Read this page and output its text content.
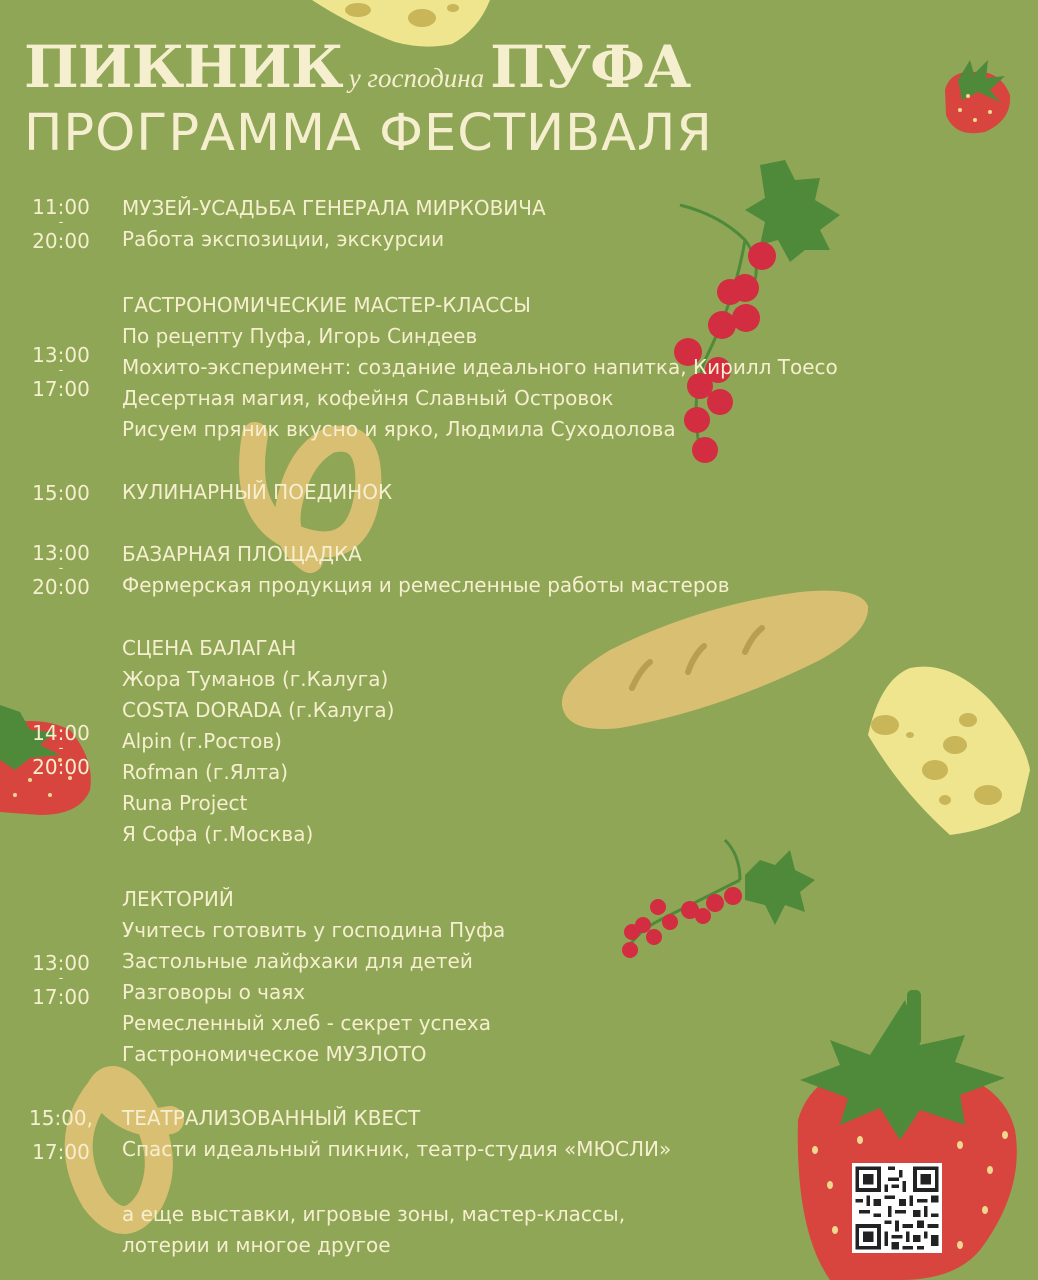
ПИКНИК у господина ПУФА
ПРОГРАММА ФЕСТИВАЛЯ
11:00
-
20:00
МУЗЕЙ-УСАДЬБА ГЕНЕРАЛА МИРКОВИЧА
Работа экспозиции, экскурсии
13:00
-
17:00
ГАСТРОНОМИЧЕСКИЕ МАСТЕР-КЛАССЫ
По рецепту Пуфа, Игорь Синдеев
Мохито-эксперимент: создание идеального напитка, Кирилл Тоесо
Десертная магия, кофейня Славный Островок
Рисуем пряник вкусно и ярко, Людмила Суходолова
15:00	КУЛИНАРНЫЙ ПОЕДИНОК
13:00
-
20:00
БАЗАРНАЯ ПЛОЩАДКА
Фермерская продукция и ремесленные работы мастеров
14:00
-
20:00
СЦЕНА БАЛАГАН
Жора Туманов (г.Калуга)
COSTA DORADA (г.Калуга)
Alpin (г.Ростов)
Rofman (г.Ялта)
Runa Project
Я Софа (г.Москва)
13:00
-
17:00
ЛЕКТОРИЙ
Учитесь готовить у господина Пуфа
Застольные лайфхаки для детей
Разговоры о чаях
Ремесленный хлеб - секрет успеха
Гастрономическое МУЗЛОТО
15:00,
17:00
ТЕАТРАЛИЗОВАННЫЙ КВЕСТ
Спасти идеальный пикник, театр-студия «МЮСЛИ»
а еще выставки, игровые зоны, мастер-классы,
лотерии и многое другое
